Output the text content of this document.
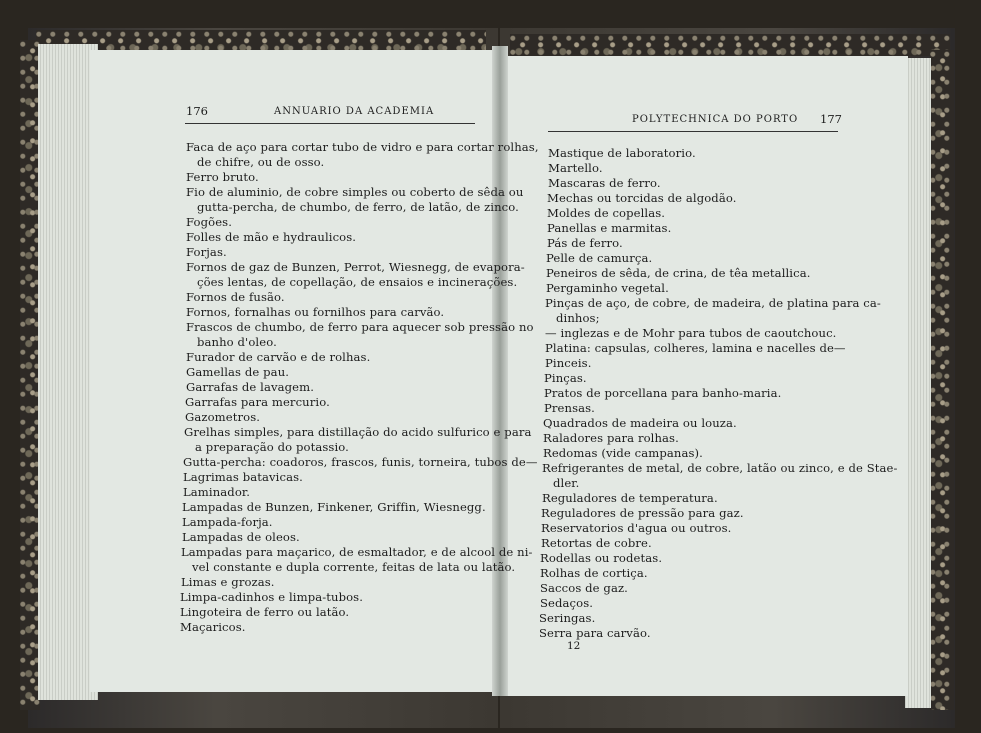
176	ANNUARIO DA ACADEMIA
Faca de aço para cortar tubo de vidro e para cortar rolhas,
de chifre, ou de osso.
Ferro bruto.
Fio de aluminio, de cobre simples ou coberto de sêda ou
gutta-percha, de chumbo, de ferro, de latão, de zinco.
Fogões.
Folles de mão e hydraulicos.
Forjas.
Fornos de gaz de Bunzen, Perrot, Wiesnegg, de evapora-
ções lentas, de copellação, de ensaios e incinerações.
Fornos de fusão.
Fornos, fornalhas ou fornilhos para carvão.
Frascos de chumbo, de ferro para aquecer sob pressão no
banho d'oleo.
Furador de carvão e de rolhas.
Gamellas de pau.
Garrafas de lavagem.
Garrafas para mercurio.
Gazometros.
Grelhas simples, para distillação do acido sulfurico e para
a preparação do potassio.
Gutta-percha: coadoros, frascos, funis, torneira, tubos de—
Lagrimas batavicas.
Laminador.
Lampadas de Bunzen, Finkener, Griffin, Wiesnegg.
Lampada-forja.
Lampadas de oleos.
Lampadas para maçarico, de esmaltador, e de alcool de ni-
vel constante e dupla corrente, feitas de lata ou latão.
Limas e grozas.
Limpa-cadinhos e limpa-tubos.
Lingoteira de ferro ou latão.
Maçaricos.
POLYTECHNICA DO PORTO 177
Mastique de laboratorio.
Martello.
Mascaras de ferro.
Mechas ou torcidas de algodão.
Moldes de copellas.
Panellas e marmitas.
Pás de ferro.
Pelle de camurça.
Peneiros de sêda, de crina, de têa metallica.
Pergaminho vegetal.
Pinças de aço, de cobre, de madeira, de platina para ca-
dinhos;
— inglezas e de Mohr para tubos de caoutchouc.
Platina: capsulas, colheres, lamina e nacelles de—
Pinceis.
Pinças.
Pratos de porcellana para banho-maria.
Prensas.
Quadrados de madeira ou louza.
Raladores para rolhas.
Redomas (vide campanas).
Refrigerantes de metal, de cobre, latão ou zinco, e de Stae-
dler.
Reguladores de temperatura.
Reguladores de pressão para gaz.
Reservatorios d'agua ou outros.
Retortas de cobre.
Rodellas ou rodetas.
Rolhas de cortiça.
Saccos de gaz.
Sedaços.
Seringas.
Serra para carvão.
12
